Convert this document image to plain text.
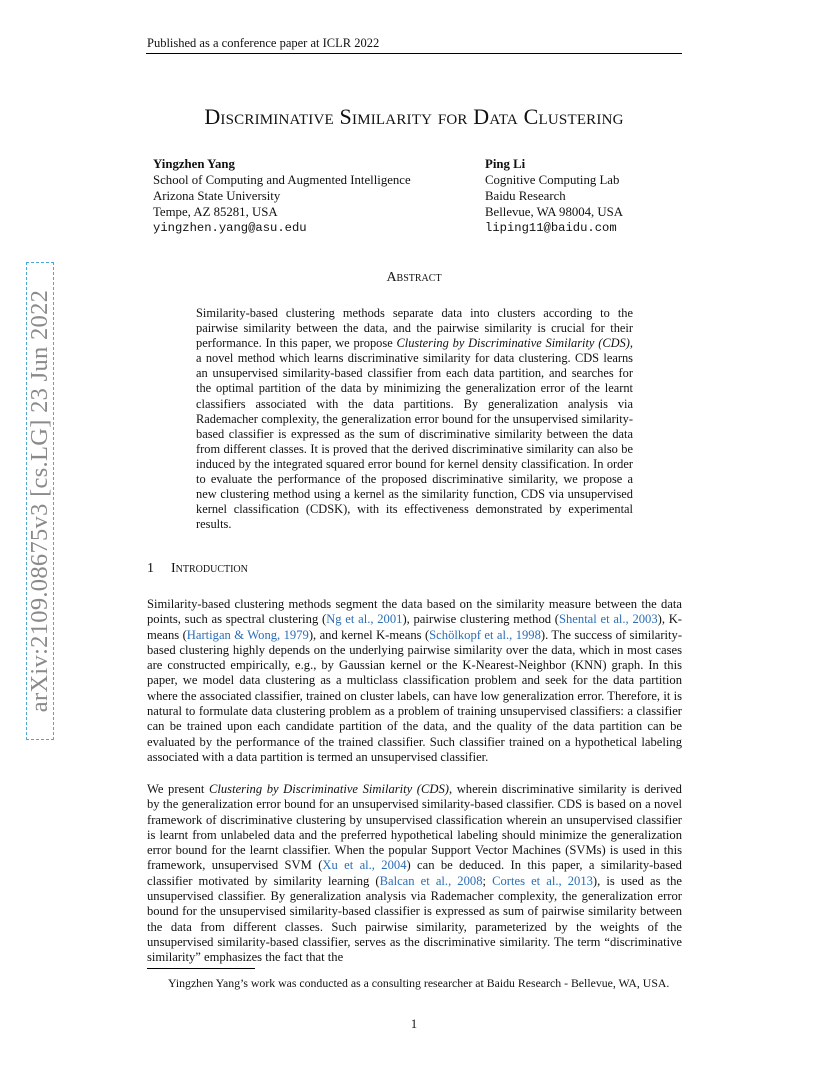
Published as a conference paper at ICLR 2022
arXiv:2109.08675v3 [cs.LG] 23 Jun 2022
Discriminative Similarity for Data Clustering
Yingzhen Yang
School of Computing and Augmented Intelligence
Arizona State University
Tempe, AZ 85281, USA
yingzhen.yang@asu.edu
Ping Li
Cognitive Computing Lab
Baidu Research
Bellevue, WA 98004, USA
liping11@baidu.com
Abstract
Similarity-based clustering methods separate data into clusters according to the pairwise similarity between the data, and the pairwise similarity is crucial for their performance. In this paper, we propose Clustering by Discriminative Similarity (CDS), a novel method which learns discriminative similarity for data clustering. CDS learns an unsupervised similarity-based classifier from each data partition, and searches for the optimal partition of the data by minimizing the generalization error of the learnt classifiers associated with the data partitions. By generalization analysis via Rademacher complexity, the generalization error bound for the unsupervised similarity-based classifier is expressed as the sum of discriminative similarity between the data from different classes. It is proved that the derived discriminative similarity can also be induced by the integrated squared error bound for kernel density classification. In order to evaluate the performance of the proposed discriminative similarity, we propose a new clustering method using a kernel as the similarity function, CDS via unsupervised kernel classification (CDSK), with its effectiveness demonstrated by experimental results.
1 Introduction
Similarity-based clustering methods segment the data based on the similarity measure between the data points, such as spectral clustering (Ng et al., 2001), pairwise clustering method (Shental et al., 2003), K-means (Hartigan & Wong, 1979), and kernel K-means (Schölkopf et al., 1998). The success of similarity-based clustering highly depends on the underlying pairwise similarity over the data, which in most cases are constructed empirically, e.g., by Gaussian kernel or the K-Nearest-Neighbor (KNN) graph. In this paper, we model data clustering as a multiclass classification problem and seek for the data partition where the associated classifier, trained on cluster labels, can have low generalization error. Therefore, it is natural to formulate data clustering problem as a problem of training unsupervised classifiers: a classifier can be trained upon each candidate partition of the data, and the quality of the data partition can be evaluated by the performance of the trained classifier. Such classifier trained on a hypothetical labeling associated with a data partition is termed an unsupervised classifier.
We present Clustering by Discriminative Similarity (CDS), wherein discriminative similarity is derived by the generalization error bound for an unsupervised similarity-based classifier. CDS is based on a novel framework of discriminative clustering by unsupervised classification wherein an unsupervised classifier is learnt from unlabeled data and the preferred hypothetical labeling should minimize the generalization error bound for the learnt classifier. When the popular Support Vector Machines (SVMs) is used in this framework, unsupervised SVM (Xu et al., 2004) can be deduced. In this paper, a similarity-based classifier motivated by similarity learning (Balcan et al., 2008; Cortes et al., 2013), is used as the unsupervised classifier. By generalization analysis via Rademacher complexity, the generalization error bound for the unsupervised similarity-based classifier is expressed as sum of pairwise similarity between the data from different classes. Such pairwise similarity, parameterized by the weights of the unsupervised similarity-based classifier, serves as the discriminative similarity. The term “discriminative similarity” emphasizes the fact that the
Yingzhen Yang’s work was conducted as a consulting researcher at Baidu Research - Bellevue, WA, USA.
1
